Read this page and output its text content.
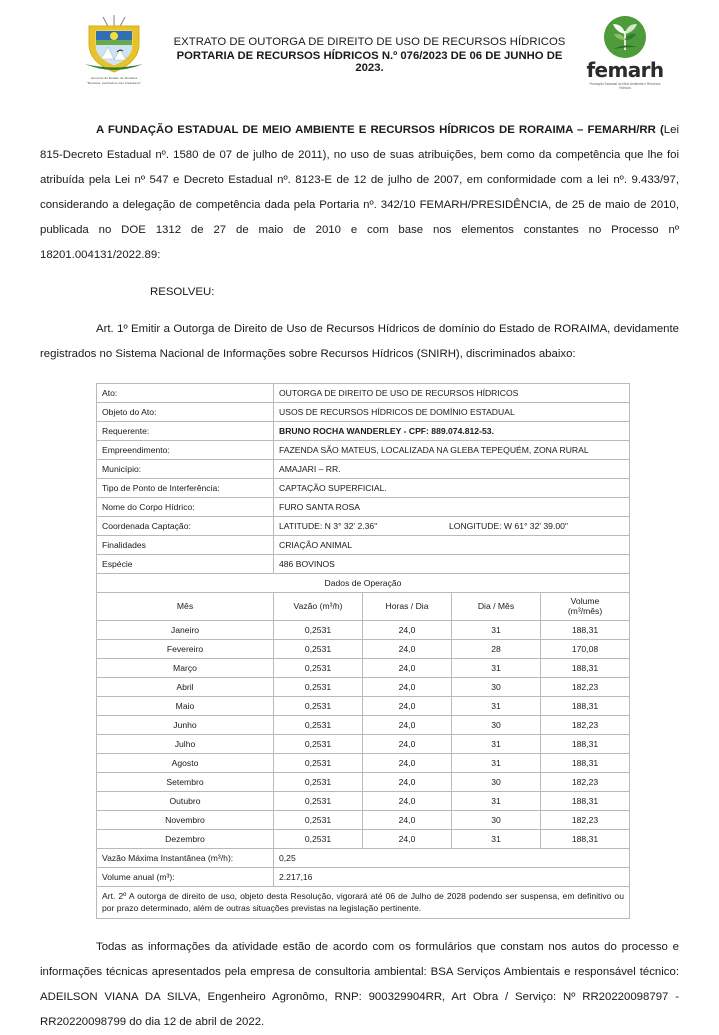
Governo do Estado de Roraima
"Roraima, patrimônio dos brasileiros"
EXTRATO DE OUTORGA DE DIREITO DE USO DE RECURSOS HÍDRICOS
PORTARIA DE RECURSOS HÍDRICOS N.º 076/2023 DE 06 DE JUNHO DE 2023.	femarh
Fundação Estadual do Meio Ambiente e Recursos Hídricos

A FUNDAÇÃO ESTADUAL DE MEIO AMBIENTE E RECURSOS HÍDRICOS DE RORAIMA – FEMARH/RR (Lei 815-Decreto Estadual nº. 1580 de 07 de julho de 2011), no uso de suas atribuições, bem como da competência que lhe foi atribuída pela Lei nº 547 e Decreto Estadual nº. 8123-E de 12 de julho de 2007, em conformidade com a lei nº. 9.433/97, considerando a delegação de competência dada pela Portaria nº. 342/10 FEMARH/PRESIDÊNCIA, de 25 de maio de 2010, publicada no DOE 1312 de 27 de maio de 2010 e com base nos elementos constantes no Processo nº 18201.004131/2022.89:

RESOLVEU:

Art. 1º Emitir a Outorga de Direito de Uso de Recursos Hídricos de domínio do Estado de RORAIMA, devidamente registrados no Sistema Nacional de Informações sobre Recursos Hídricos (SNIRH), discriminados abaixo:

Ato:	OUTORGA DE DIREITO DE USO DE RECURSOS HÍDRICOS			
Objeto do Ato:	USOS DE RECURSOS HÍDRICOS DE DOMÍNIO ESTADUAL			
Requerente:	BRUNO ROCHA WANDERLEY - CPF: 889.074.812-53.			
Empreendimento:	FAZENDA SÃO MATEUS, LOCALIZADA NA GLEBA TEPEQUÉM, ZONA RURAL			
Município:	AMAJARI – RR.			
Tipo de Ponto de Interferência:	CAPTAÇÃO SUPERFICIAL.			
Nome do Corpo Hídrico:	FURO SANTA ROSA			
Coordenada Captação:	LATITUDE: N 3° 32' 2.36" LONGITUDE: W 61° 32' 39.00"			
Finalidades	CRIAÇÃO ANIMAL			
Espécie	486 BOVINOS			
Dados de Operação				
Mês	Vazão (m³/h)	Horas / Dia	Dia / Mês	Volume
(m³/mês)
Janeiro	0,2531	24,0	31	188,31
Fevereiro	0,2531	24,0	28	170,08
Março	0,2531	24,0	31	188,31
Abril	0,2531	24,0	30	182,23
Maio	0,2531	24,0	31	188,31
Junho	0,2531	24,0	30	182,23
Julho	0,2531	24,0	31	188,31
Agosto	0,2531	24,0	31	188,31
Setembro	0,2531	24,0	30	182,23
Outubro	0,2531	24,0	31	188,31
Novembro	0,2531	24,0	30	182,23
Dezembro	0,2531	24,0	31	188,31
Vazão Máxima Instantânea (m³/h):	0,25			
Volume anual (m³):	2.217,16			
Art. 2º A outorga de direito de uso, objeto desta Resolução, vigorará até 06 de Julho de 2028 podendo ser suspensa, em definitivo ou por prazo determinado, além de outras situações previstas na legislação pertinente.				

Todas as informações da atividade estão de acordo com os formulários que constam nos autos do processo e informações técnicas apresentados pela empresa de consultoria ambiental: BSA Serviços Ambientais e responsável técnico: ADEILSON VIANA DA SILVA, Engenheiro Agronômo, RNP: 900329904RR, Art Obra / Serviço: Nº RR20220098797 - RR20220098799 do dia 12 de abril de 2022.
